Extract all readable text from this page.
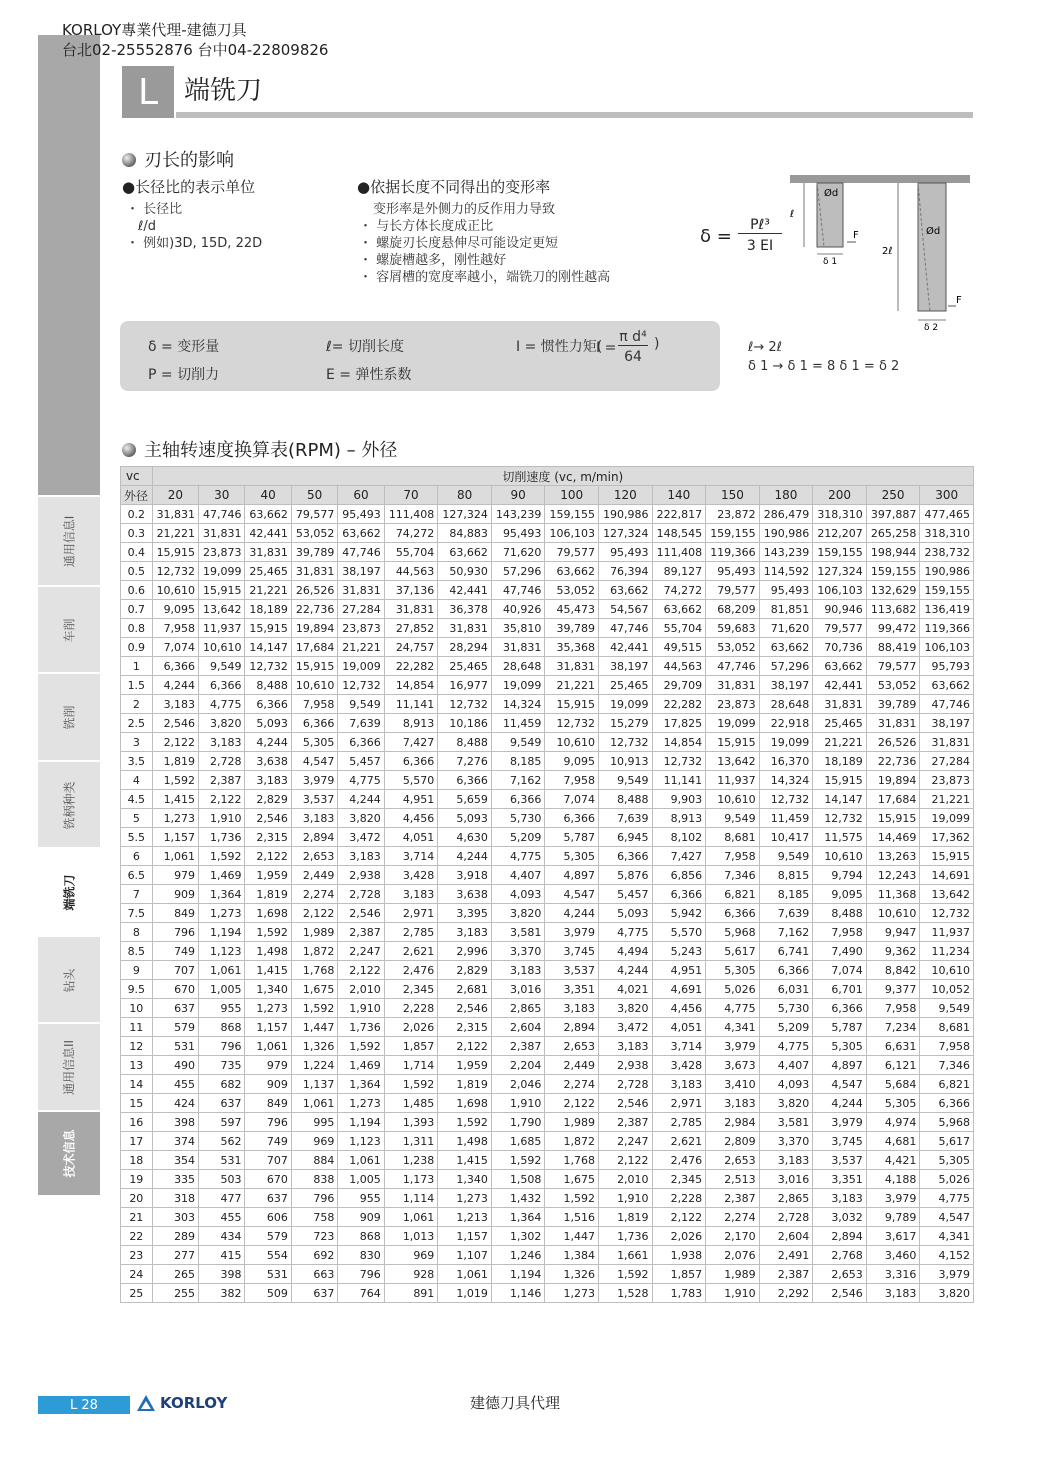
通用信息I
车削
铣削
铣柄种类
端铣刀
钻头
通用信息II
技术信息
KORLOY專業代理-建德刀具
台北02-25552876 台中04-22809826
L 端铣刀
刃长的影响
●长径比的表示单位
・ 长径比
ℓ/d
・ 例如)3D, 15D, 22D
●依据长度不同得出的变形率
变形率是外侧力的反作用力导致
・ 与长方体长度成正比
・ 螺旋刃长度悬伸尽可能设定更短
・ 螺旋槽越多，刚性越好
・ 容屑槽的宽度率越小，端铣刀的刚性越高
δ =
Pℓ³
3 EI
Ød
Ød
ℓ
2ℓ
F
F
δ 1
δ 2
δ = 变形量	ℓ= 切削长度	I = 惯性力矩(
I =
π d⁴
64
)
P = 切削力	E = 弹性系数
ℓ→ 2ℓ
δ 1 → δ 1 = 8 δ 1 = δ 2
主轴转速度换算表(RPM) – 外径
vc	切削速度 (vc, m/min)															
外径	20	30	40	50	60	70	80	90	100	120	140	150	180	200	250	300
0.2	31,831	47,746	63,662	79,577	95,493	111,408	127,324	143,239	159,155	190,986	222,817	23,872	286,479	318,310	397,887	477,465
0.3	21,221	31,831	42,441	53,052	63,662	74,272	84,883	95,493	106,103	127,324	148,545	159,155	190,986	212,207	265,258	318,310
0.4	15,915	23,873	31,831	39,789	47,746	55,704	63,662	71,620	79,577	95,493	111,408	119,366	143,239	159,155	198,944	238,732
0.5	12,732	19,099	25,465	31,831	38,197	44,563	50,930	57,296	63,662	76,394	89,127	95,493	114,592	127,324	159,155	190,986
0.6	10,610	15,915	21,221	26,526	31,831	37,136	42,441	47,746	53,052	63,662	74,272	79,577	95,493	106,103	132,629	159,155
0.7	9,095	13,642	18,189	22,736	27,284	31,831	36,378	40,926	45,473	54,567	63,662	68,209	81,851	90,946	113,682	136,419
0.8	7,958	11,937	15,915	19,894	23,873	27,852	31,831	35,810	39,789	47,746	55,704	59,683	71,620	79,577	99,472	119,366
0.9	7,074	10,610	14,147	17,684	21,221	24,757	28,294	31,831	35,368	42,441	49,515	53,052	63,662	70,736	88,419	106,103
1	6,366	9,549	12,732	15,915	19,009	22,282	25,465	28,648	31,831	38,197	44,563	47,746	57,296	63,662	79,577	95,793
1.5	4,244	6,366	8,488	10,610	12,732	14,854	16,977	19,099	21,221	25,465	29,709	31,831	38,197	42,441	53,052	63,662
2	3,183	4,775	6,366	7,958	9,549	11,141	12,732	14,324	15,915	19,099	22,282	23,873	28,648	31,831	39,789	47,746
2.5	2,546	3,820	5,093	6,366	7,639	8,913	10,186	11,459	12,732	15,279	17,825	19,099	22,918	25,465	31,831	38,197
3	2,122	3,183	4,244	5,305	6,366	7,427	8,488	9,549	10,610	12,732	14,854	15,915	19,099	21,221	26,526	31,831
3.5	1,819	2,728	3,638	4,547	5,457	6,366	7,276	8,185	9,095	10,913	12,732	13,642	16,370	18,189	22,736	27,284
4	1,592	2,387	3,183	3,979	4,775	5,570	6,366	7,162	7,958	9,549	11,141	11,937	14,324	15,915	19,894	23,873
4.5	1,415	2,122	2,829	3,537	4,244	4,951	5,659	6,366	7,074	8,488	9,903	10,610	12,732	14,147	17,684	21,221
5	1,273	1,910	2,546	3,183	3,820	4,456	5,093	5,730	6,366	7,639	8,913	9,549	11,459	12,732	15,915	19,099
5.5	1,157	1,736	2,315	2,894	3,472	4,051	4,630	5,209	5,787	6,945	8,102	8,681	10,417	11,575	14,469	17,362
6	1,061	1,592	2,122	2,653	3,183	3,714	4,244	4,775	5,305	6,366	7,427	7,958	9,549	10,610	13,263	15,915
6.5	979	1,469	1,959	2,449	2,938	3,428	3,918	4,407	4,897	5,876	6,856	7,346	8,815	9,794	12,243	14,691
7	909	1,364	1,819	2,274	2,728	3,183	3,638	4,093	4,547	5,457	6,366	6,821	8,185	9,095	11,368	13,642
7.5	849	1,273	1,698	2,122	2,546	2,971	3,395	3,820	4,244	5,093	5,942	6,366	7,639	8,488	10,610	12,732
8	796	1,194	1,592	1,989	2,387	2,785	3,183	3,581	3,979	4,775	5,570	5,968	7,162	7,958	9,947	11,937
8.5	749	1,123	1,498	1,872	2,247	2,621	2,996	3,370	3,745	4,494	5,243	5,617	6,741	7,490	9,362	11,234
9	707	1,061	1,415	1,768	2,122	2,476	2,829	3,183	3,537	4,244	4,951	5,305	6,366	7,074	8,842	10,610
9.5	670	1,005	1,340	1,675	2,010	2,345	2,681	3,016	3,351	4,021	4,691	5,026	6,031	6,701	9,377	10,052
10	637	955	1,273	1,592	1,910	2,228	2,546	2,865	3,183	3,820	4,456	4,775	5,730	6,366	7,958	9,549
11	579	868	1,157	1,447	1,736	2,026	2,315	2,604	2,894	3,472	4,051	4,341	5,209	5,787	7,234	8,681
12	531	796	1,061	1,326	1,592	1,857	2,122	2,387	2,653	3,183	3,714	3,979	4,775	5,305	6,631	7,958
13	490	735	979	1,224	1,469	1,714	1,959	2,204	2,449	2,938	3,428	3,673	4,407	4,897	6,121	7,346
14	455	682	909	1,137	1,364	1,592	1,819	2,046	2,274	2,728	3,183	3,410	4,093	4,547	5,684	6,821
15	424	637	849	1,061	1,273	1,485	1,698	1,910	2,122	2,546	2,971	3,183	3,820	4,244	5,305	6,366
16	398	597	796	995	1,194	1,393	1,592	1,790	1,989	2,387	2,785	2,984	3,581	3,979	4,974	5,968
17	374	562	749	969	1,123	1,311	1,498	1,685	1,872	2,247	2,621	2,809	3,370	3,745	4,681	5,617
18	354	531	707	884	1,061	1,238	1,415	1,592	1,768	2,122	2,476	2,653	3,183	3,537	4,421	5,305
19	335	503	670	838	1,005	1,173	1,340	1,508	1,675	2,010	2,345	2,513	3,016	3,351	4,188	5,026
20	318	477	637	796	955	1,114	1,273	1,432	1,592	1,910	2,228	2,387	2,865	3,183	3,979	4,775
21	303	455	606	758	909	1,061	1,213	1,364	1,516	1,819	2,122	2,274	2,728	3,032	9,789	4,547
22	289	434	579	723	868	1,013	1,157	1,302	1,447	1,736	2,026	2,170	2,604	2,894	3,617	4,341
23	277	415	554	692	830	969	1,107	1,246	1,384	1,661	1,938	2,076	2,491	2,768	3,460	4,152
24	265	398	531	663	796	928	1,061	1,194	1,326	1,592	1,857	1,989	2,387	2,653	3,316	3,979
25	255	382	509	637	764	891	1,019	1,146	1,273	1,528	1,783	1,910	2,292	2,546	3,183	3,820
L 28	KORLOY	建德刀具代理
